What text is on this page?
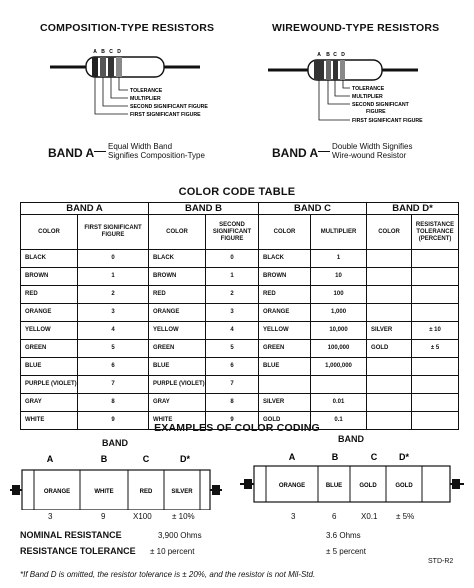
COMPOSITION-TYPE RESISTORS	WIREWOUND-TYPE RESISTORS
A B C D
TOLERANCE
MULTIPLIER
SECOND SIGNIFICANT FIGURE
FIRST SIGNIFICANT FIGURE
A B C D
TOLERANCE
MULTIPLIER
SECOND SIGNIFICANT
FIGURE
FIRST SIGNIFICANT FIGURE
BAND A Equal Width Band
Signifies Composition-Type	BAND A Double Width Signifies
Wire-wound Resistor
COLOR CODE TABLE
BAND A		BAND B		BAND C		BAND D*	
COLOR	FIRST SIGNIFICANT FIGURE	COLOR	SECOND SIGNIFICANT FIGURE	COLOR	MULTIPLIER	COLOR	RESISTANCE TOLERANCE (PERCENT)
BLACK	0	BLACK	0	BLACK	1		
BROWN	1	BROWN	1	BROWN	10		
RED	2	RED	2	RED	100		
ORANGE	3	ORANGE	3	ORANGE	1,000		
YELLOW	4	YELLOW	4	YELLOW	10,000	SILVER	± 10
GREEN	5	GREEN	5	GREEN	100,000	GOLD	± 5
BLUE	6	BLUE	6	BLUE	1,000,000		
PURPLE (VIOLET)	7	PURPLE (VIOLET)	7				
GRAY	8	GRAY	8	SILVER	0.01		
WHITE	9	WHITE	9	GOLD	0.1		
EXAMPLES OF COLOR CODING
BAND	BAND
A	B	C	D*
ORANGE	WHITE	RED	SILVER
A	B	C D*
ORANGE	BLUE	GOLD	GOLD
3	9	X100	± 10%	3	6	X0.1 ± 5%
NOMINAL RESISTANCE	3,900 Ohms	3.6 Ohms
RESISTANCE TOLERANCE ± 10 percent	± 5 percent
STD-R2
*If Band D is omitted, the resistor tolerance is ± 20%, and the resistor is not Mil-Std.
